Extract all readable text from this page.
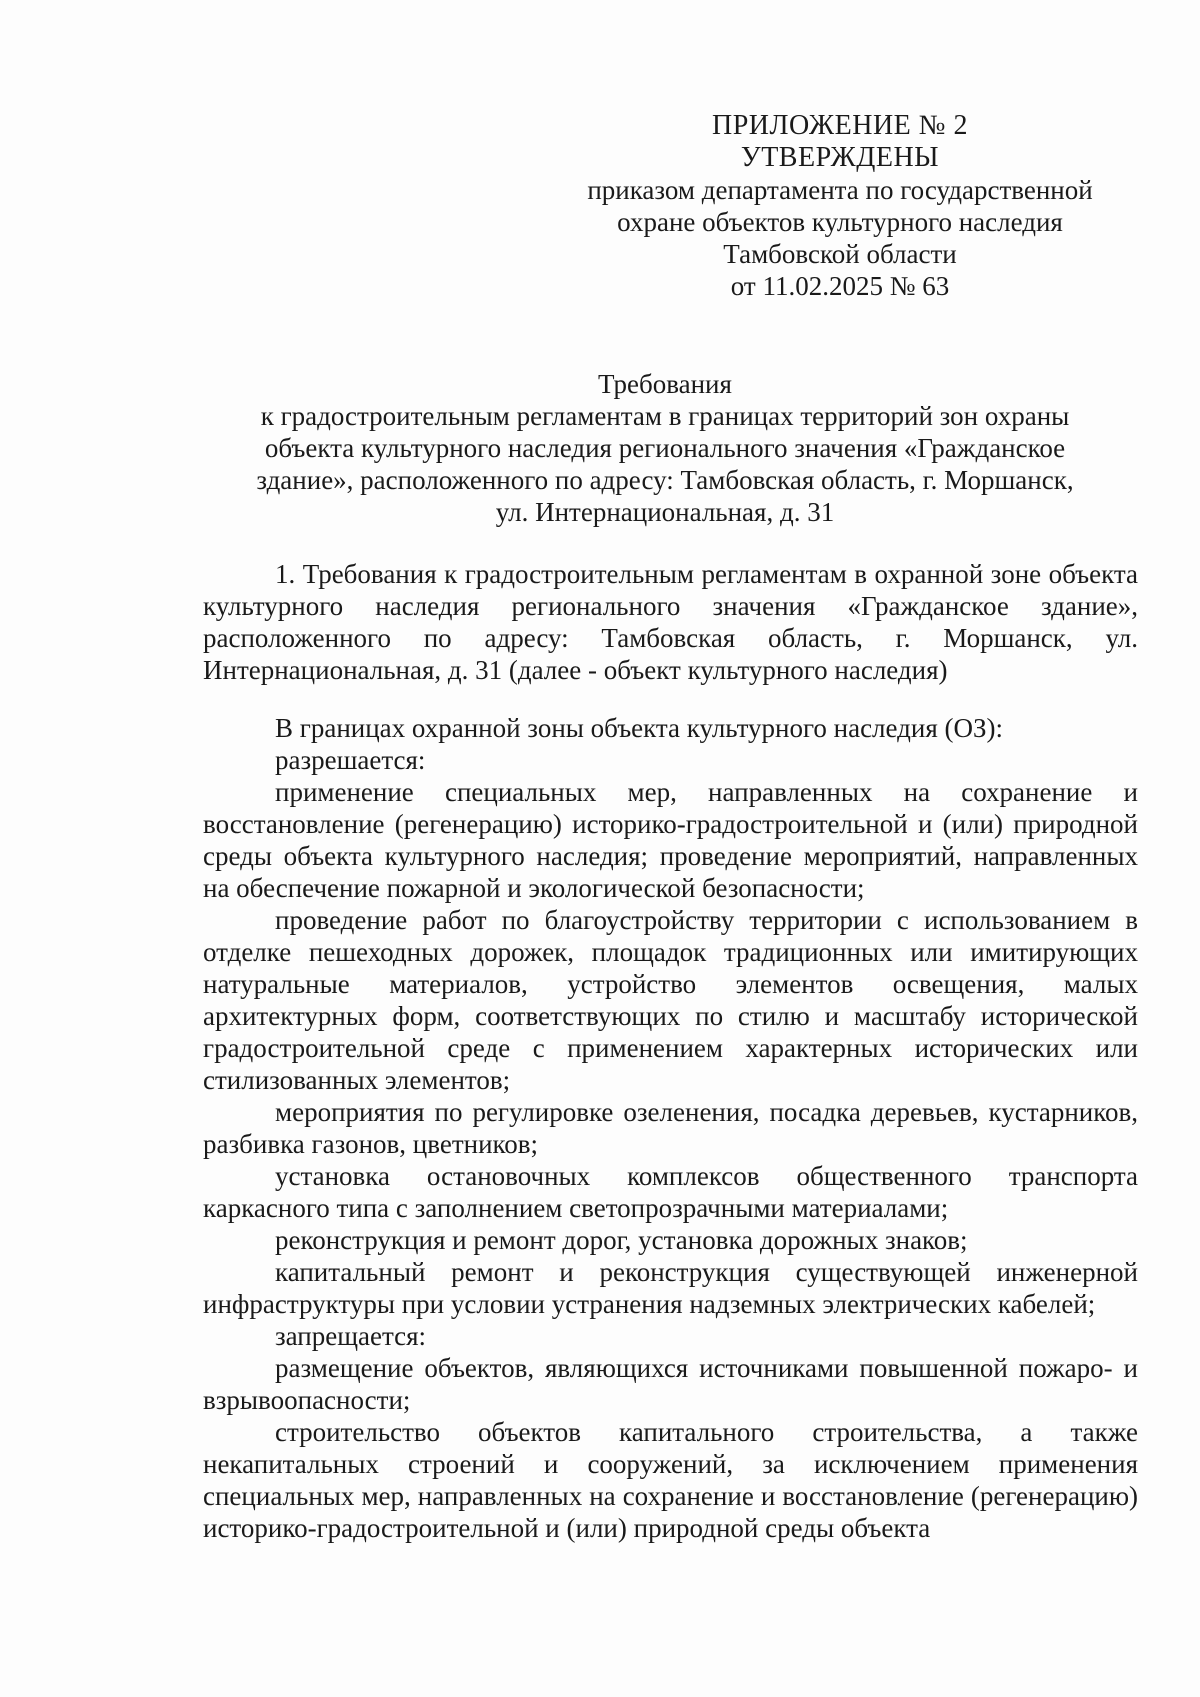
ПРИЛОЖЕНИЕ № 2
УТВЕРЖДЕНЫ
приказом департамента по государственной
охране объектов культурного наследия
Тамбовской области
от 11.02.2025 № 63
Требования
к градостроительным регламентам в границах территорий зон охраны
объекта культурного наследия регионального значения «Гражданское
здание», расположенного по адресу: Тамбовская область, г. Моршанск,
ул. Интернациональная, д. 31

1. Требования к градостроительным регламентам в охранной зоне объекта культурного наследия регионального значения «Гражданское здание», расположенного по адресу: Тамбовская область, г. Моршанск, ул. Интернациональная, д. 31 (далее - объект культурного наследия)

В границах охранной зоны объекта культурного наследия (ОЗ):

разрешается:

применение специальных мер, направленных на сохранение и восстановление (регенерацию) историко-градостроительной и (или) природной среды объекта культурного наследия; проведение мероприятий, направленных на обеспечение пожарной и экологической безопасности;

проведение работ по благоустройству территории с использованием в отделке пешеходных дорожек, площадок традиционных или имитирующих натуральные материалов, устройство элементов освещения, малых архитектурных форм, соответствующих по стилю и масштабу исторической градостроительной среде с применением характерных исторических или стилизованных элементов;

мероприятия по регулировке озеленения, посадка деревьев, кустарников, разбивка газонов, цветников;

установка остановочных комплексов общественного транспорта каркасного типа с заполнением светопрозрачными материалами;

реконструкция и ремонт дорог, установка дорожных знаков;

капитальный ремонт и реконструкция существующей инженерной инфраструктуры при условии устранения надземных электрических кабелей;

запрещается:

размещение объектов, являющихся источниками повышенной пожаро- и взрывоопасности;

строительство объектов капитального строительства, а также некапитальных строений и сооружений, за исключением применения специальных мер, направленных на сохранение и восстановление (регенерацию) историко-градостроительной и (или) природной среды объекта
